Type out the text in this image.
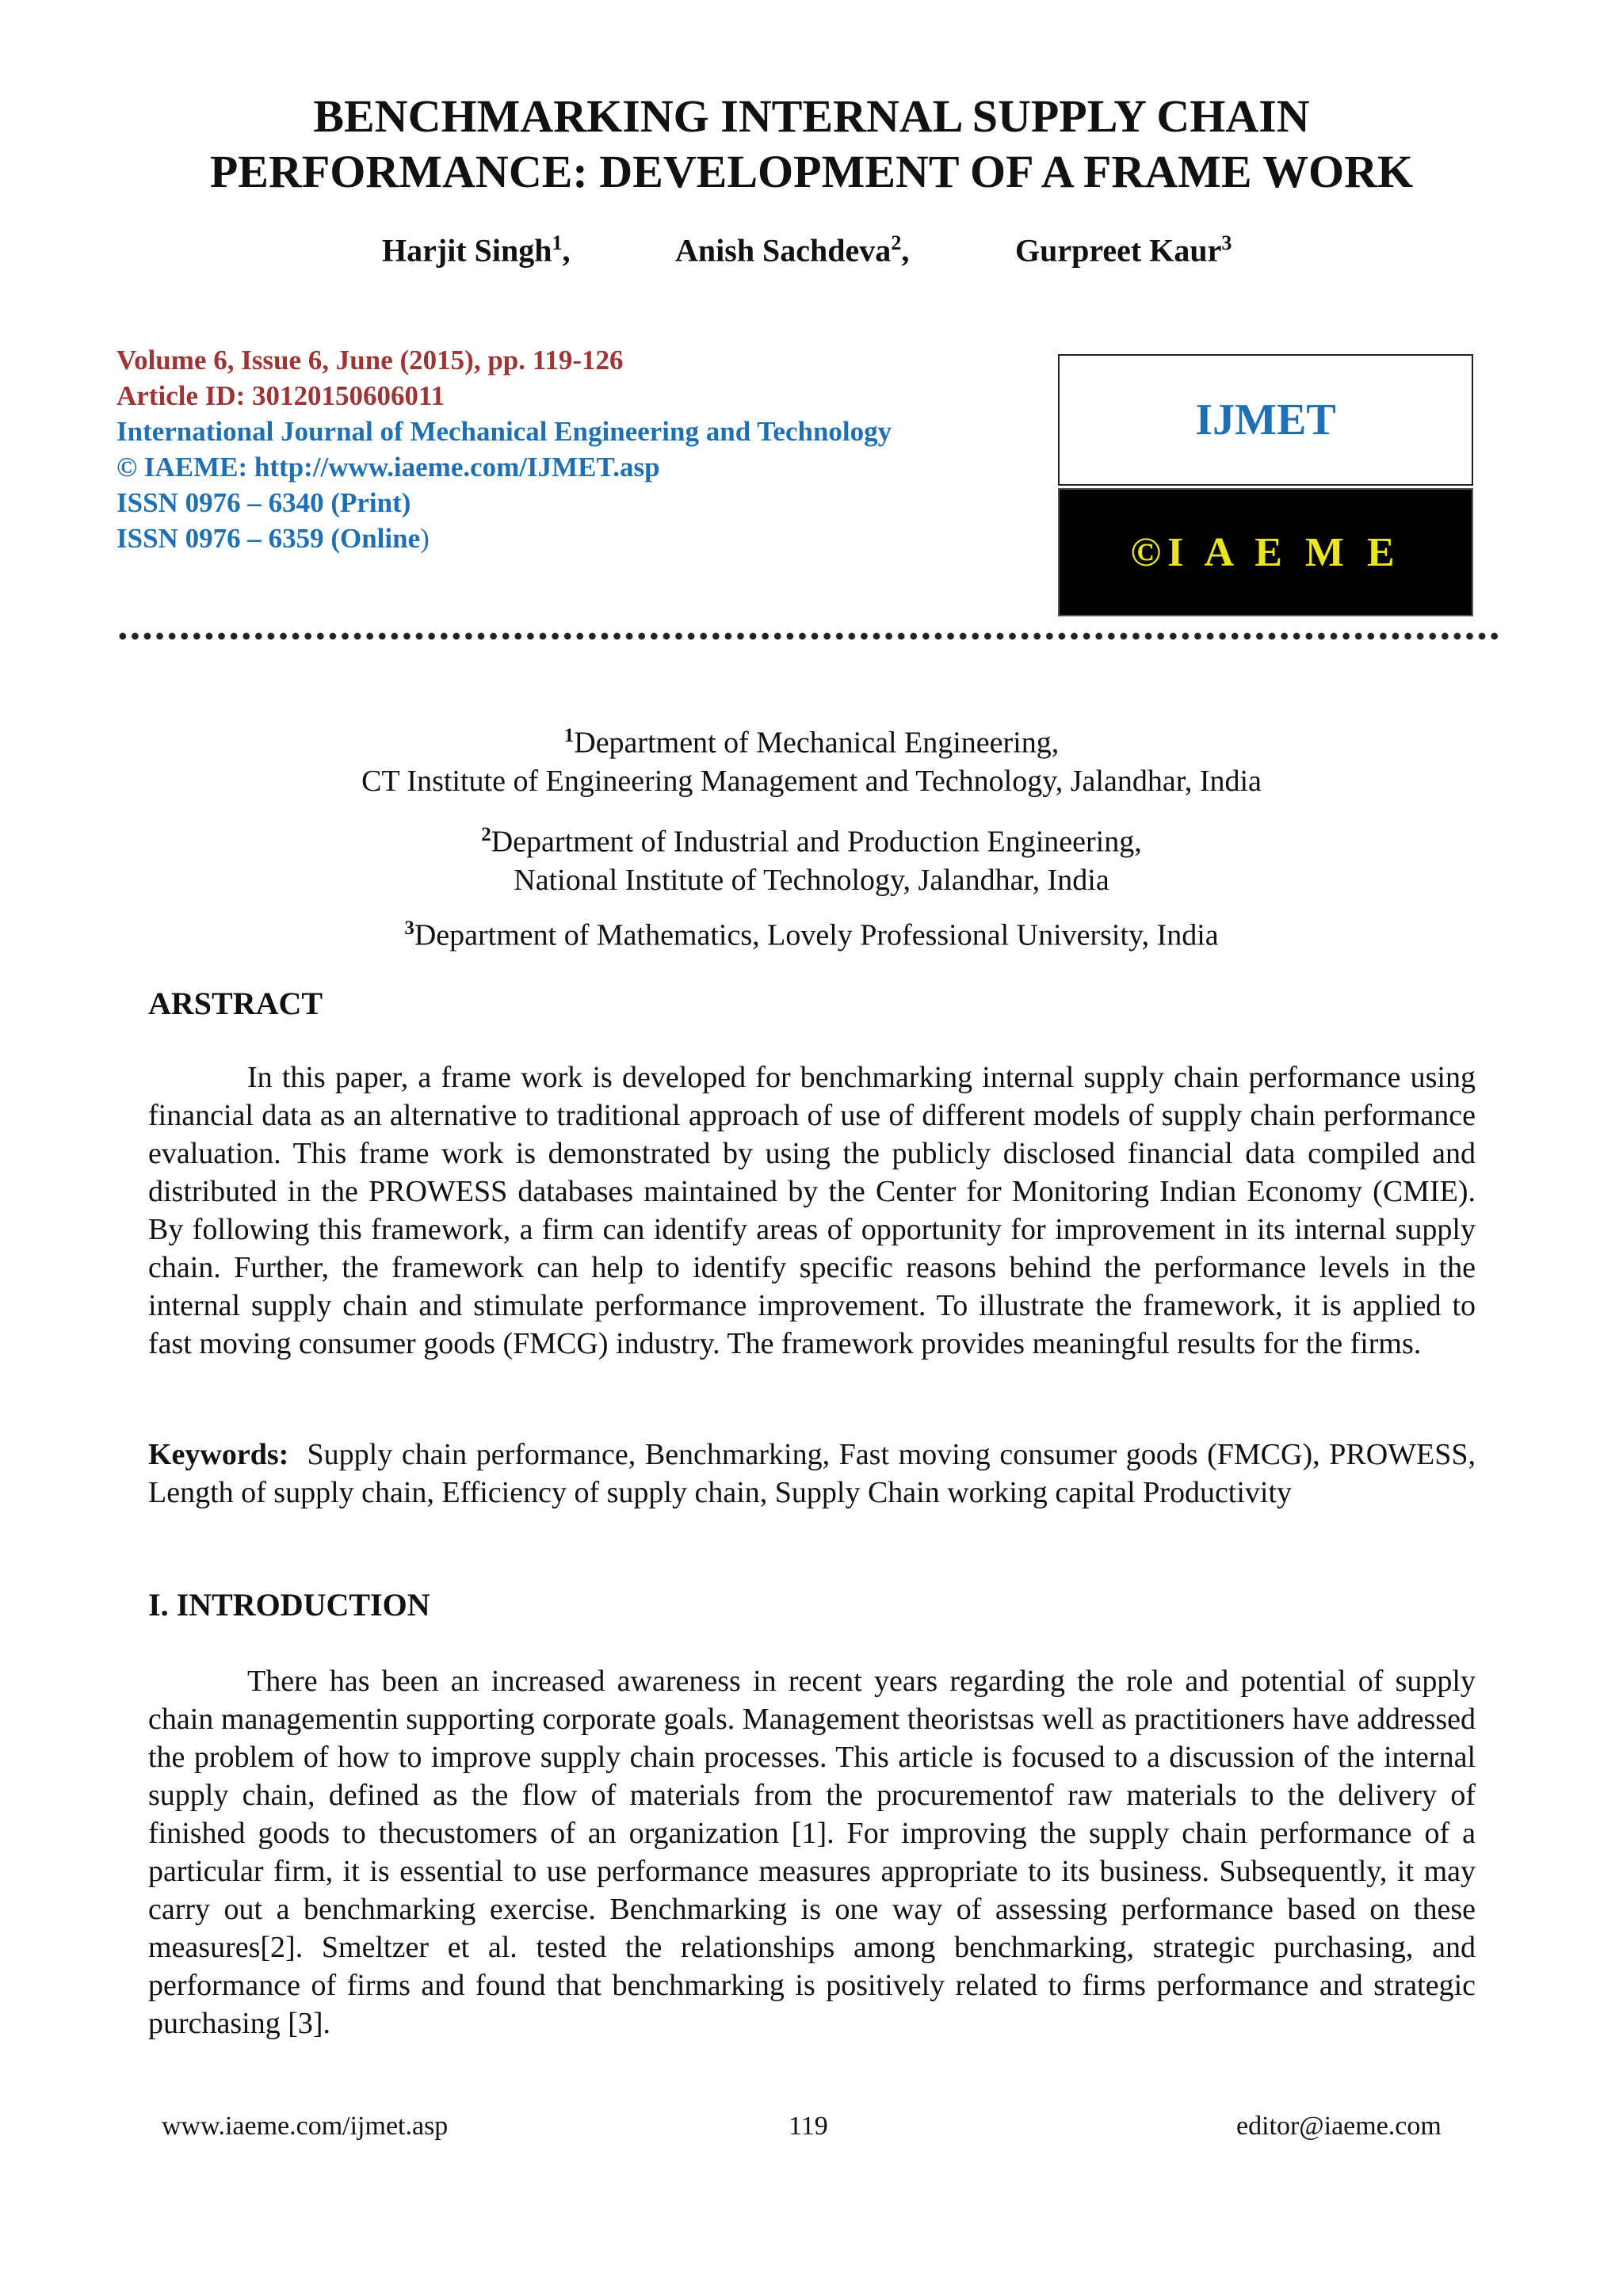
BENCHMARKING INTERNAL SUPPLY CHAIN
PERFORMANCE: DEVELOPMENT OF A FRAME WORK
Harjit Singh$^1$,	Anish Sachdeva$^2$,	Gurpreet Kaur$^3$
Volume 6, Issue 6, June (2015), pp. 119-126
Article ID: 30120150606011
International Journal of Mechanical Engineering and Technology
© IAEME: http://www.iaeme.com/IJMET.asp
ISSN 0976 – 6340 (Print)
ISSN 0976 – 6359 (Online)
IJMET
©I A E M E
$^1$Department of Mechanical Engineering,
CT Institute of Engineering Management and Technology, Jalandhar, India
$^2$Department of Industrial and Production Engineering,
National Institute of Technology, Jalandhar, India
$^3$Department of Mathematics, Lovely Professional University, India
ARSTRACT

In this paper, a frame work is developed for benchmarking internal supply chain performance using financial data as an alternative to traditional approach of use of different models of supply chain performance evaluation. This frame work is demonstrated by using the publicly disclosed financial data compiled and distributed in the PROWESS databases maintained by the Center for Monitoring Indian Economy (CMIE). By following this framework, a firm can identify areas of opportunity for improvement in its internal supply chain. Further, the framework can help to identify specific reasons behind the performance levels in the internal supply chain and stimulate performance improvement. To illustrate the framework, it is applied to fast moving consumer goods (FMCG) industry. The framework provides meaningful results for the firms.

Keywords: Supply chain performance, Benchmarking, Fast moving consumer goods (FMCG), PROWESS, Length of supply chain, Efficiency of supply chain, Supply Chain working capital Productivity

I. INTRODUCTION

There has been an increased awareness in recent years regarding the role and potential of supply chain managementin supporting corporate goals. Management theoristsas well as practitioners have addressed the problem of how to improve supply chain processes. This article is focused to a discussion of the internal supply chain, defined as the flow of materials from the procurementof raw materials to the delivery of finished goods to thecustomers of an organization [1]. For improving the supply chain performance of a particular firm, it is essential to use performance measures appropriate to its business. Subsequently, it may carry out a benchmarking exercise. Benchmarking is one way of assessing performance based on these measures[2]. Smeltzer et al. tested the relationships among benchmarking, strategic purchasing, and performance of firms and found that benchmarking is positively related to firms performance and strategic purchasing [3].

www.iaeme.com/ijmet.asp	119	editor@iaeme.com
